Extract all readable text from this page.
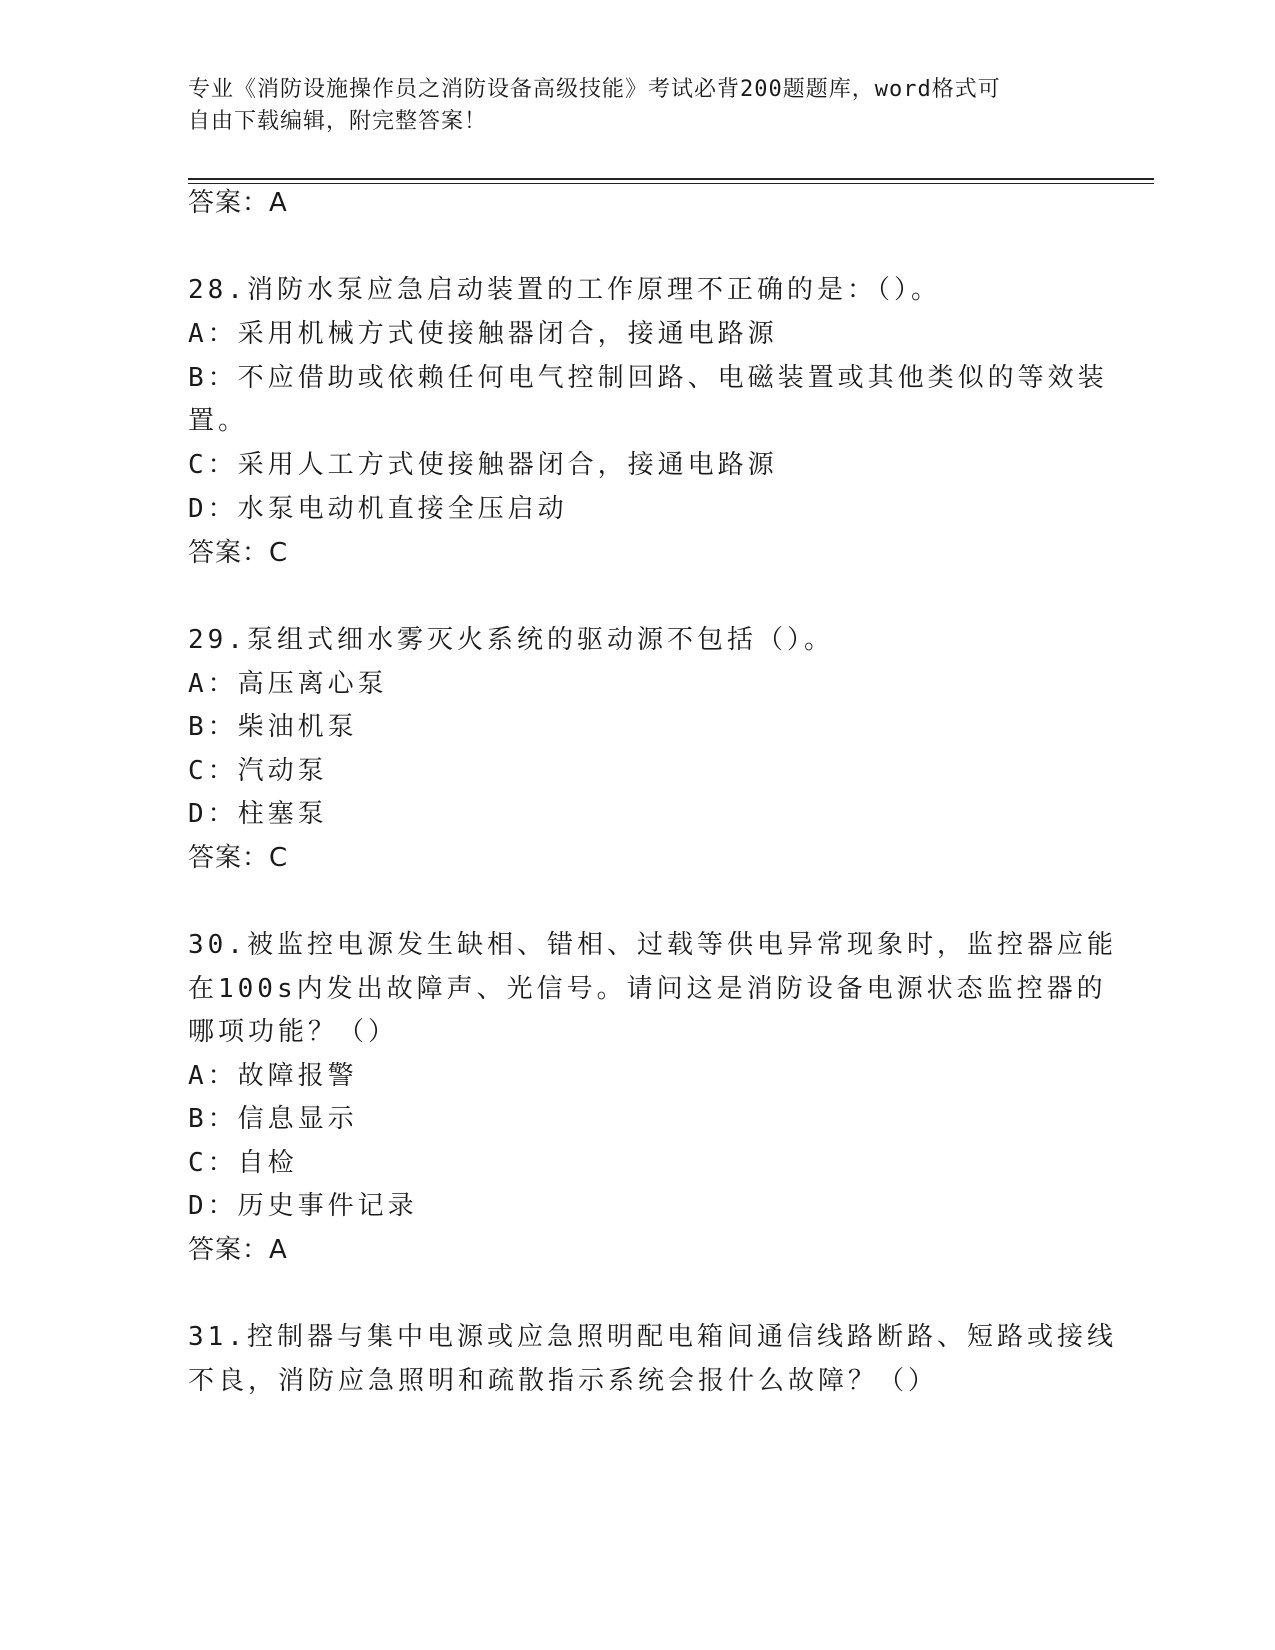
专业《消防设施操作员之消防设备高级技能》考试必背200题题库，word格式可
自由下载编辑，附完整答案！
答案：A
28.消防水泵应急启动装置的工作原理不正确的是：（）。
A：采用机械方式使接触器闭合，接通电路源
B：不应借助或依赖任何电气控制回路、电磁装置或其他类似的等效装
置。
C：采用人工方式使接触器闭合，接通电路源
D：水泵电动机直接全压启动
答案：C
29.泵组式细水雾灭火系统的驱动源不包括（）。
A：高压离心泵
B：柴油机泵
C：汽动泵
D：柱塞泵
答案：C
30.被监控电源发生缺相、错相、过载等供电异常现象时，监控器应能
在100s内发出故障声、光信号。请问这是消防设备电源状态监控器的
哪项功能？（）
A：故障报警
B：信息显示
C：自检
D：历史事件记录
答案：A
31.控制器与集中电源或应急照明配电箱间通信线路断路、短路或接线
不良，消防应急照明和疏散指示系统会报什么故障？（）
